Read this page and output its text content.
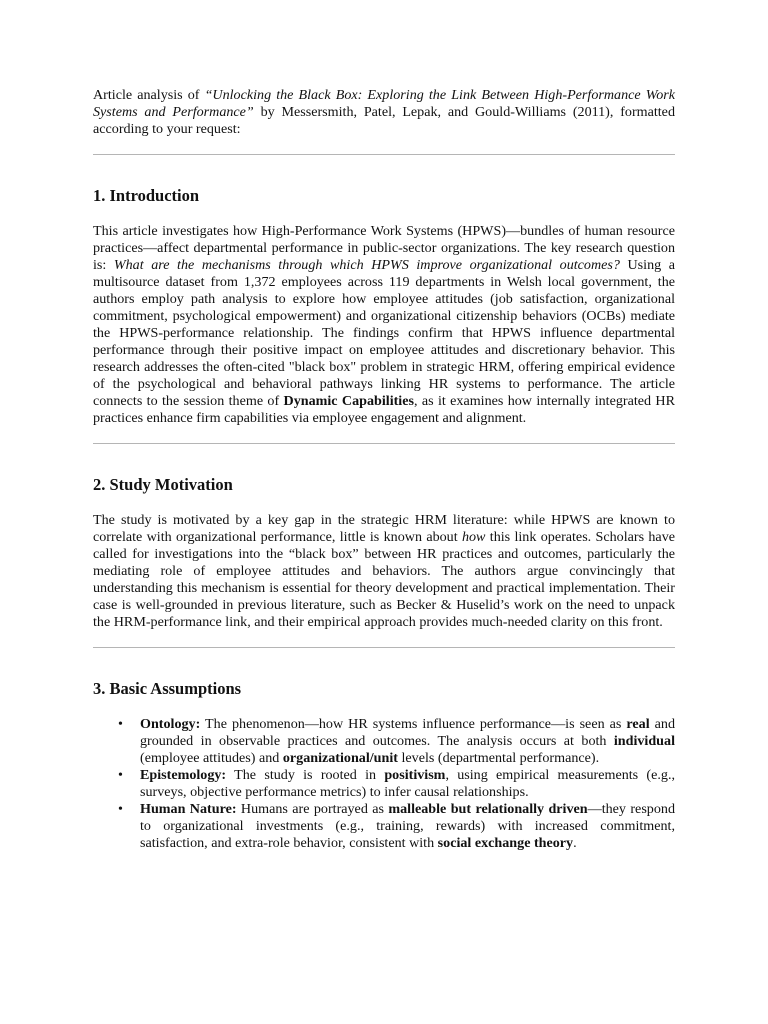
Article analysis of “Unlocking the Black Box: Exploring the Link Between High-Performance Work Systems and Performance” by Messersmith, Patel, Lepak, and Gould-Williams (2011), formatted according to your request:

1. Introduction

This article investigates how High-Performance Work Systems (HPWS)—bundles of human resource practices—affect departmental performance in public-sector organizations. The key research question is: What are the mechanisms through which HPWS improve organizational outcomes? Using a multisource dataset from 1,372 employees across 119 departments in Welsh local government, the authors employ path analysis to explore how employee attitudes (job satisfaction, organizational commitment, psychological empowerment) and organizational citizenship behaviors (OCBs) mediate the HPWS-performance relationship. The findings confirm that HPWS influence departmental performance through their positive impact on employee attitudes and discretionary behavior. This research addresses the often-cited "black box" problem in strategic HRM, offering empirical evidence of the psychological and behavioral pathways linking HR systems to performance. The article connects to the session theme of Dynamic Capabilities, as it examines how internally integrated HR practices enhance firm capabilities via employee engagement and alignment.

2. Study Motivation

The study is motivated by a key gap in the strategic HRM literature: while HPWS are known to correlate with organizational performance, little is known about how this link operates. Scholars have called for investigations into the “black box” between HR practices and outcomes, particularly the mediating role of employee attitudes and behaviors. The authors argue convincingly that understanding this mechanism is essential for theory development and practical implementation. Their case is well-grounded in previous literature, such as Becker & Huselid’s work on the need to unpack the HRM-performance link, and their empirical approach provides much-needed clarity on this front.

3. Basic Assumptions
• Ontology: The phenomenon—how HR systems influence performance—is seen as real and grounded in observable practices and outcomes. The analysis occurs at both individual (employee attitudes) and organizational/unit levels (departmental performance).
• Epistemology: The study is rooted in positivism, using empirical measurements (e.g., surveys, objective performance metrics) to infer causal relationships.
• Human Nature: Humans are portrayed as malleable but relationally driven—they respond to organizational investments (e.g., training, rewards) with increased commitment, satisfaction, and extra-role behavior, consistent with social exchange theory.
